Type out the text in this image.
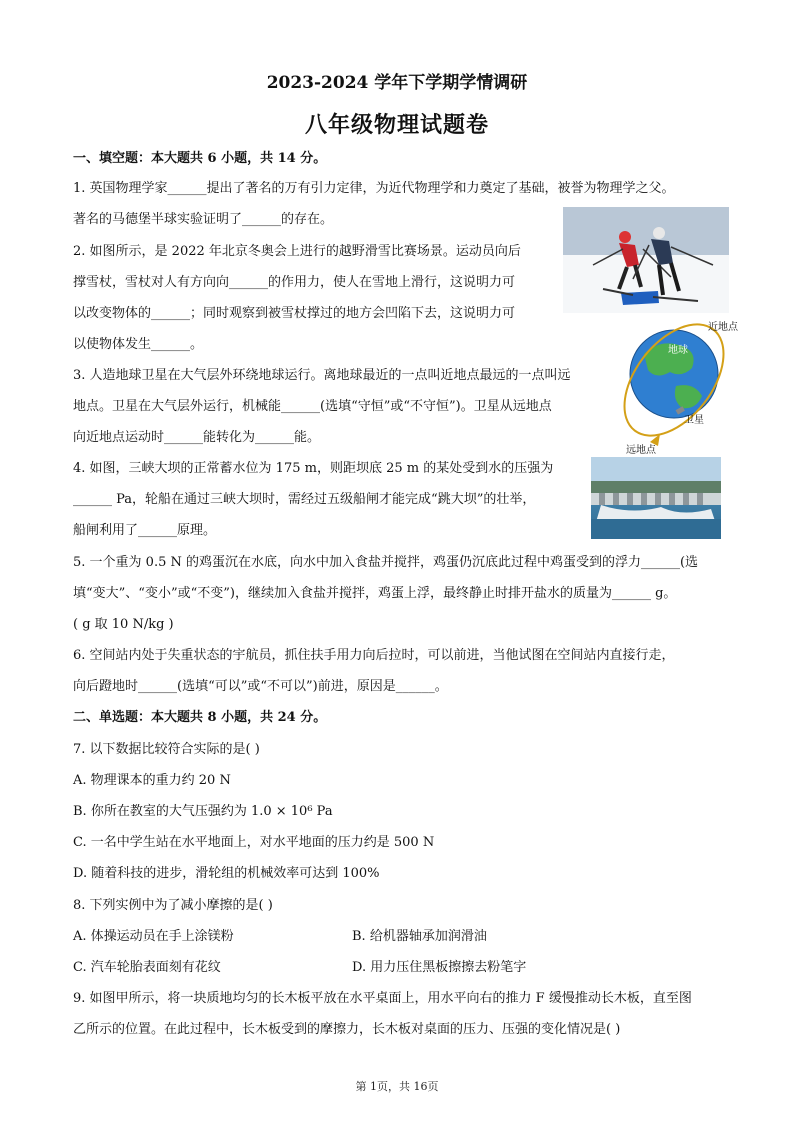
2023-2024 学年下学期学情调研
八年级物理试题卷
一、填空题：本大题共 6 小题，共 14 分。
1. 英国物理学家______提出了著名的万有引力定律，为近代物理学和力奠定了基础，被誉为物理学之父。
著名的马德堡半球实验证明了______的存在。
2. 如图所示，是 2022 年北京冬奥会上进行的越野滑雪比赛场景。运动员向后
撑雪杖，雪杖对人有方向向______的作用力，使人在雪地上滑行，这说明力可
以改变物体的______；同时观察到被雪杖撑过的地方会凹陷下去，这说明力可
以使物体发生______。
3. 人造地球卫星在大气层外环绕地球运行。离地球最近的一点叫近地点最远的一点叫远
地点。卫星在大气层外运行，机械能______(选填“守恒”或“不守恒”)。卫星从远地点
向近地点运动时______能转化为______能。
4. 如图，三峡大坝的正常蓄水位为 175 m，则距坝底 25 m 的某处受到水的压强为
______ Pa，轮船在通过三峡大坝时，需经过五级船闸才能完成“跳大坝”的壮举，
船闸利用了______原理。
5. 一个重为 0.5 N 的鸡蛋沉在水底，向水中加入食盐并搅拌，鸡蛋仍沉底此过程中鸡蛋受到的浮力______(选
填“变大”、“变小”或“不变”)，继续加入食盐并搅拌，鸡蛋上浮，最终静止时排开盐水的质量为______ g。
( g 取 10 N/kg )
6. 空间站内处于失重状态的宇航员，抓住扶手用力向后拉时，可以前进，当他试图在空间站内直接行走，
向后蹬地时______(选填“可以”或“不可以”)前进，原因是______。
二、单选题：本大题共 8 小题，共 24 分。
7. 以下数据比较符合实际的是( )
A. 物理课本的重力约 20 N
B. 你所在教室的大气压强约为 1.0 × 10⁶ Pa
C. 一名中学生站在水平地面上，对水平地面的压力约是 500 N
D. 随着科技的进步，滑轮组的机械效率可达到 100%
8. 下列实例中为了减小摩擦的是( )
A. 体操运动员在手上涂镁粉	B. 给机器轴承加润滑油
C. 汽车轮胎表面刻有花纹	D. 用力压住黑板擦擦去粉笔字
9. 如图甲所示，将一块质地均匀的长木板平放在水平桌面上，用水平向右的推力 F 缓慢推动长木板，直至图
乙所示的位置。在此过程中，长木板受到的摩擦力，长木板对桌面的压力、压强的变化情况是( )
近地点
远地点
卫星
地球
第 1页，共 16页
